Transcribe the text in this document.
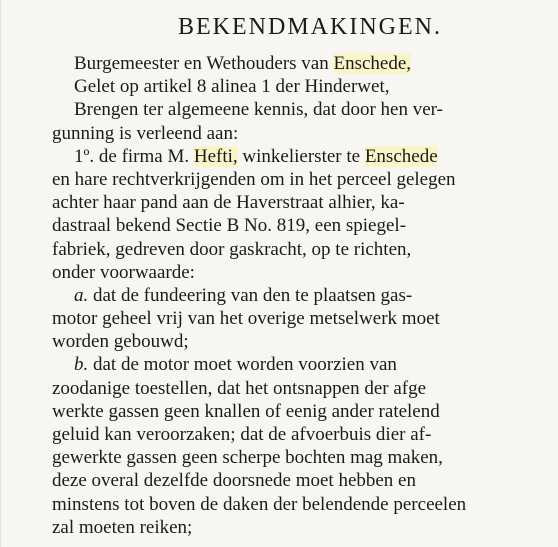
BEKENDMAKINGEN.
Burgemeester en Wethouders van Enschede,
Gelet op artikel 8 alinea 1 der Hinderwet,
Brengen ter algemeene kennis, dat door hen ver-
gunning is verleend aan:
1º. de firma M. Hefti, winkelierster te Enschede
en hare rechtverkrijgenden om in het perceel gelegen
achter haar pand aan de Haverstraat alhier, ka-
dastraal bekend Sectie B No. 819, een spiegel-
fabriek, gedreven door gaskracht, op te richten,
onder voorwaarde:
a. dat de fundeering van den te plaatsen gas-
motor geheel vrij van het overige metselwerk moet
worden gebouwd;
b. dat de motor moet worden voorzien van
zoodanige toestellen, dat het ontsnappen der afge
werkte gassen geen knallen of eenig ander ratelend
geluid kan veroorzaken; dat de afvoerbuis dier af-
gewerkte gassen geen scherpe bochten mag maken,
deze overal dezelfde doorsnede moet hebben en
minstens tot boven de daken der belendende perceelen
zal moeten reiken;
